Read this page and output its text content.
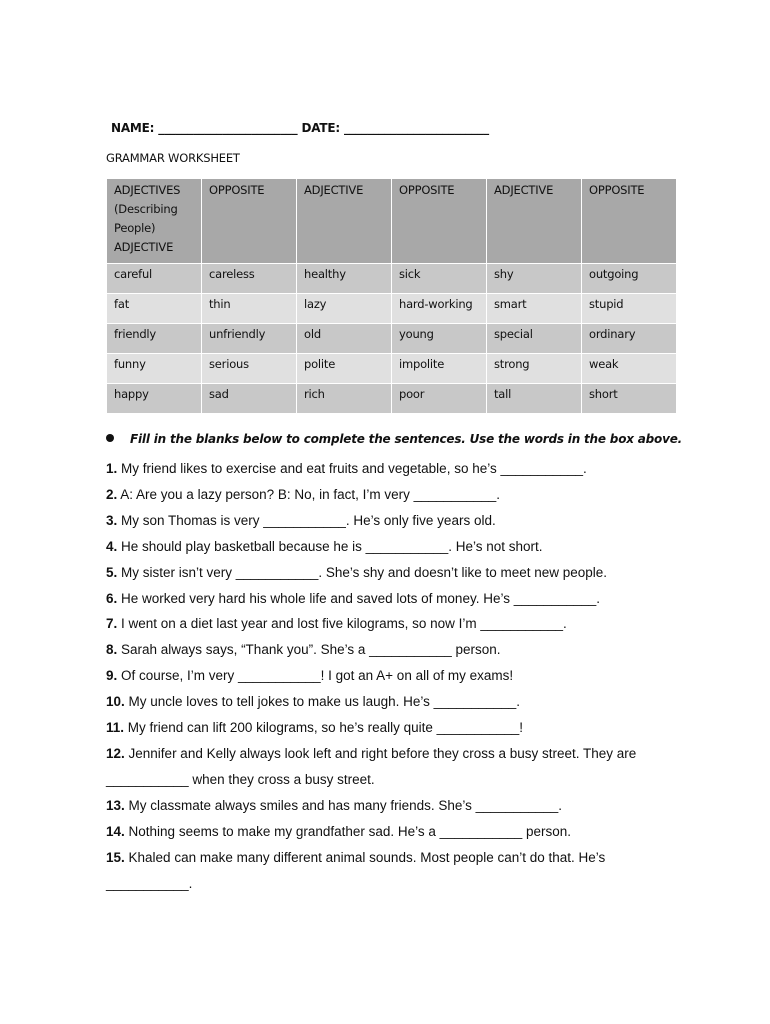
NAME: ________________________ DATE: _________________________
GRAMMAR WORKSHEET
ADJECTIVES
(Describing
People)
ADJECTIVE	OPPOSITE	ADJECTIVE	OPPOSITE	ADJECTIVE	OPPOSITE
careful	careless	healthy	sick	shy	outgoing
fat	thin	lazy	hard-working	smart	stupid
friendly	unfriendly	old	young	special	ordinary
funny	serious	polite	impolite	strong	weak
happy	sad	rich	poor	tall	short
Fill in the blanks below to complete the sentences. Use the words in the box above.
1. My friend likes to exercise and eat fruits and vegetable, so he’s ___________.
2. A: Are you a lazy person? B: No, in fact, I’m very ___________.
3. My son Thomas is very ___________. He’s only five years old.
4. He should play basketball because he is ___________. He’s not short.
5. My sister isn’t very ___________. She’s shy and doesn’t like to meet new people.
6. He worked very hard his whole life and saved lots of money. He’s ___________.
7. I went on a diet last year and lost five kilograms, so now I’m ___________.
8. Sarah always says, “Thank you”. She’s a ___________ person.
9. Of course, I’m very ___________! I got an A+ on all of my exams!
10. My uncle loves to tell jokes to make us laugh. He’s ___________.
11. My friend can lift 200 kilograms, so he’s really quite ___________!
12. Jennifer and Kelly always look left and right before they cross a busy street. They are
___________ when they cross a busy street.
13. My classmate always smiles and has many friends. She’s ___________.
14. Nothing seems to make my grandfather sad. He’s a ___________ person.
15. Khaled can make many different animal sounds. Most people can’t do that. He’s
___________.
